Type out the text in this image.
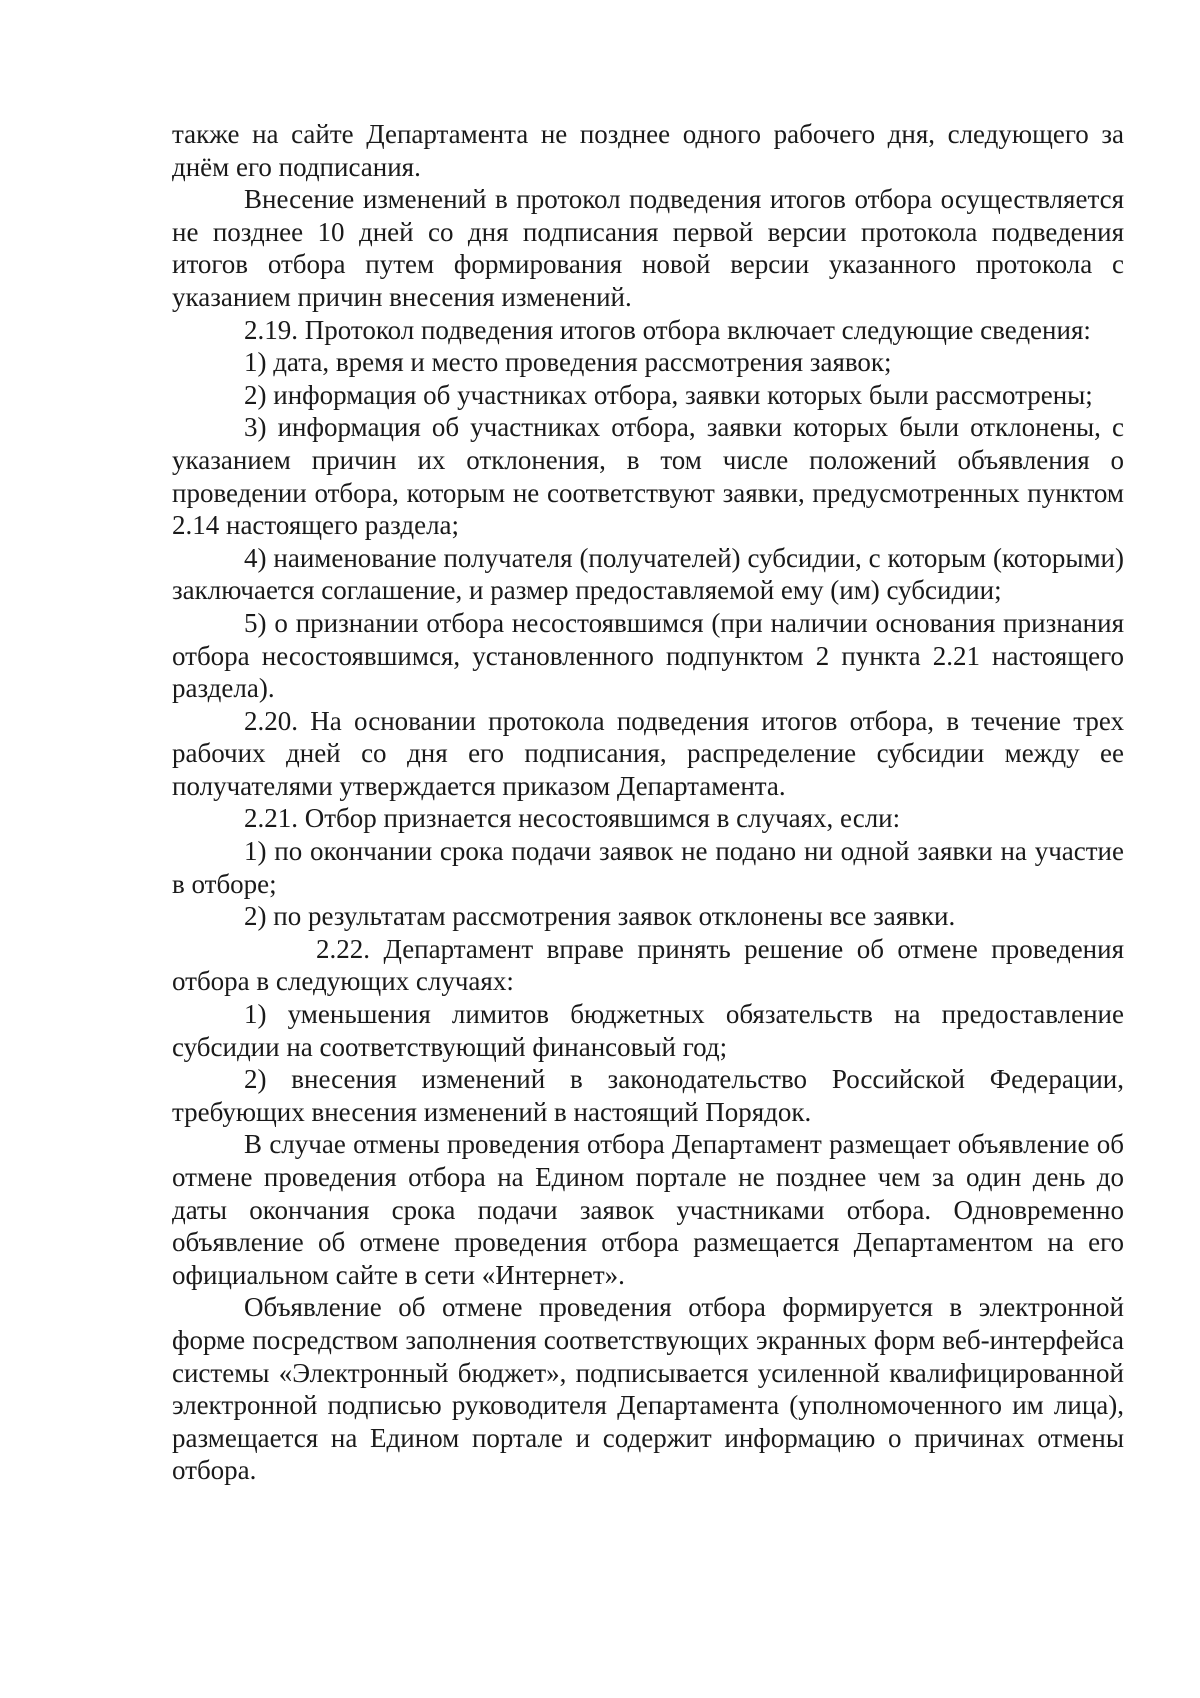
также на сайте Департамента не позднее одного рабочего дня, следующего за днём его подписания.

Внесение изменений в протокол подведения итогов отбора осуществляется не позднее 10 дней со дня подписания первой версии протокола подведения итогов отбора путем формирования новой версии указанного протокола с указанием причин внесения изменений.

2.19. Протокол подведения итогов отбора включает следующие сведения:

1) дата, время и место проведения рассмотрения заявок;

2) информация об участниках отбора, заявки которых были рассмотрены;

3) информация об участниках отбора, заявки которых были отклонены, с указанием причин их отклонения, в том числе положений объявления о проведении отбора, которым не соответствуют заявки, предусмотренных пунктом 2.14 настоящего раздела;

4) наименование получателя (получателей) субсидии, с которым (которыми) заключается соглашение, и размер предоставляемой ему (им) субсидии;

5) о признании отбора несостоявшимся (при наличии основания признания отбора несостоявшимся, установленного подпунктом 2 пункта 2.21 настоящего раздела).

2.20. На основании протокола подведения итогов отбора, в течение трех рабочих дней со дня его подписания, распределение субсидии между ее получателями утверждается приказом Департамента.

2.21. Отбор признается несостоявшимся в случаях, если:

1) по окончании срока подачи заявок не подано ни одной заявки на участие в отборе;

2) по результатам рассмотрения заявок отклонены все заявки.

2.22. Департамент вправе принять решение об отмене проведения отбора в следующих случаях:

1) уменьшения лимитов бюджетных обязательств на предоставление субсидии на соответствующий финансовый год;

2) внесения изменений в законодательство Российской Федерации, требующих внесения изменений в настоящий Порядок.

В случае отмены проведения отбора Департамент размещает объявление об отмене проведения отбора на Едином портале не позднее чем за один день до даты окончания срока подачи заявок участниками отбора. Одновременно объявление об отмене проведения отбора размещается Департаментом на его официальном сайте в сети «Интернет».

Объявление об отмене проведения отбора формируется в электронной форме посредством заполнения соответствующих экранных форм веб-интерфейса системы «Электронный бюджет», подписывается усиленной квалифицированной электронной подписью руководителя Департамента (уполномоченного им лица), размещается на Едином портале и содержит информацию о причинах отмены отбора.
